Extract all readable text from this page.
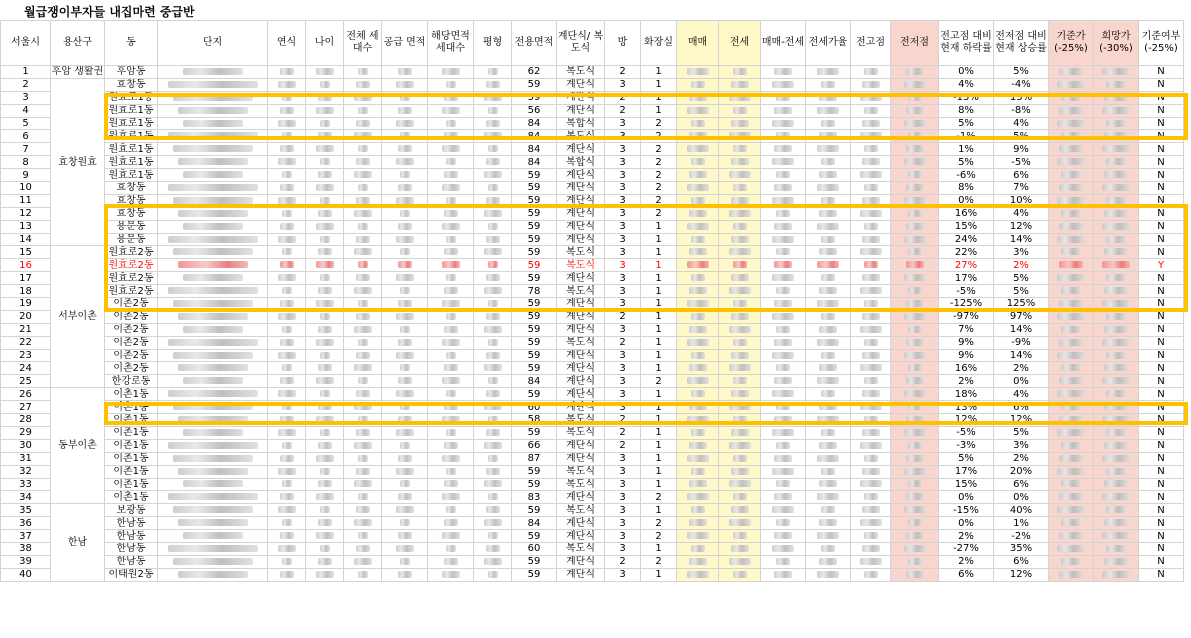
월급쟁이부자들 내집마련 중급반
서울시	용산구	동	단지	연식	나이	전체 세대수	공급 면적	해당면적 세대수	평형	전용면적	계단식/ 복도식	방	화장실	매매	전세	매매-전세	전세가율	전고점	전저점	전고점 대비 현재 하락률	전저점 대비 현재 상승률	기준가 (-25%)	희망가 (-30%)	기준여부 (-25%)
1	후암 생활권	후암동								62	복도식	2	1							0%	5%			N
2	효창원효	효창동								59	계단식	3	1							4%	-4%			N
3		원효로1동								59	계단식	2	1							-13%	13%			N
4		원효로1동								56	계단식	2	1							8%	-8%			N
5		원효로1동								84	복합식	3	2							5%	4%			N
6		원효로1동								84	복도식	3	2							-1%	5%			N
7		원효로1동								84	계단식	3	2							1%	9%			N
8		원효로1동								84	복합식	3	2							5%	-5%			N
9		원효로1동								59	계단식	3	2							-6%	6%			N
10		효창동								59	계단식	3	2							8%	7%			N
11		효창동								59	계단식	3	2							0%	10%			N
12		효창동								59	계단식	3	2							16%	4%			N
13		용문동								59	계단식	3	1							15%	12%			N
14		용문동								59	계단식	3	1							24%	14%			N
15	서부이촌	원효로2동								59	복도식	3	1							22%	3%			N
16		원효로2동								59	복도식	3	1							27%	2%			Y
17		원효로2동								59	계단식	3	1							17%	5%			N
18		원효로2동								78	복도식	3	1							-5%	5%			N
19		이촌2동								59	계단식	3	1							-125%	125%			N
20		이촌2동								59	계단식	2	1							-97%	97%			N
21		이촌2동								59	계단식	3	1							7%	14%			N
22		이촌2동								59	복도식	2	1							9%	-9%			N
23		이촌2동								59	계단식	3	1							9%	14%			N
24		이촌2동								59	계단식	3	1							16%	2%			N
25		한강로동								84	계단식	3	2							2%	0%			N
26	동부이촌	이촌1동								59	계단식	3	1							18%	4%			N
27		이촌1동								60	계단식	3	1							13%	6%			N
28		이촌1동								58	복도식	2	1							12%	12%			N
29		이촌1동								59	복도식	2	1							-5%	5%			N
30		이촌1동								66	계단식	2	1							-3%	3%			N
31		이촌1동								87	계단식	3	1							5%	2%			N
32		이촌1동								59	복도식	3	1							17%	20%			N
33		이촌1동								59	복도식	3	1							15%	6%			N
34		이촌1동								83	계단식	3	2							0%	0%			N
35	한남	보광동								59	복도식	3	1							-15%	40%			N
36		한남동								84	계단식	3	2							0%	1%			N
37		한남동								59	계단식	3	2							2%	-2%			N
38		한남동								60	복도식	3	1							-27%	35%			N
39		한남동								59	계단식	2	2							2%	6%			N
40		이태원2동								59	계단식	3	1							6%	12%			N
